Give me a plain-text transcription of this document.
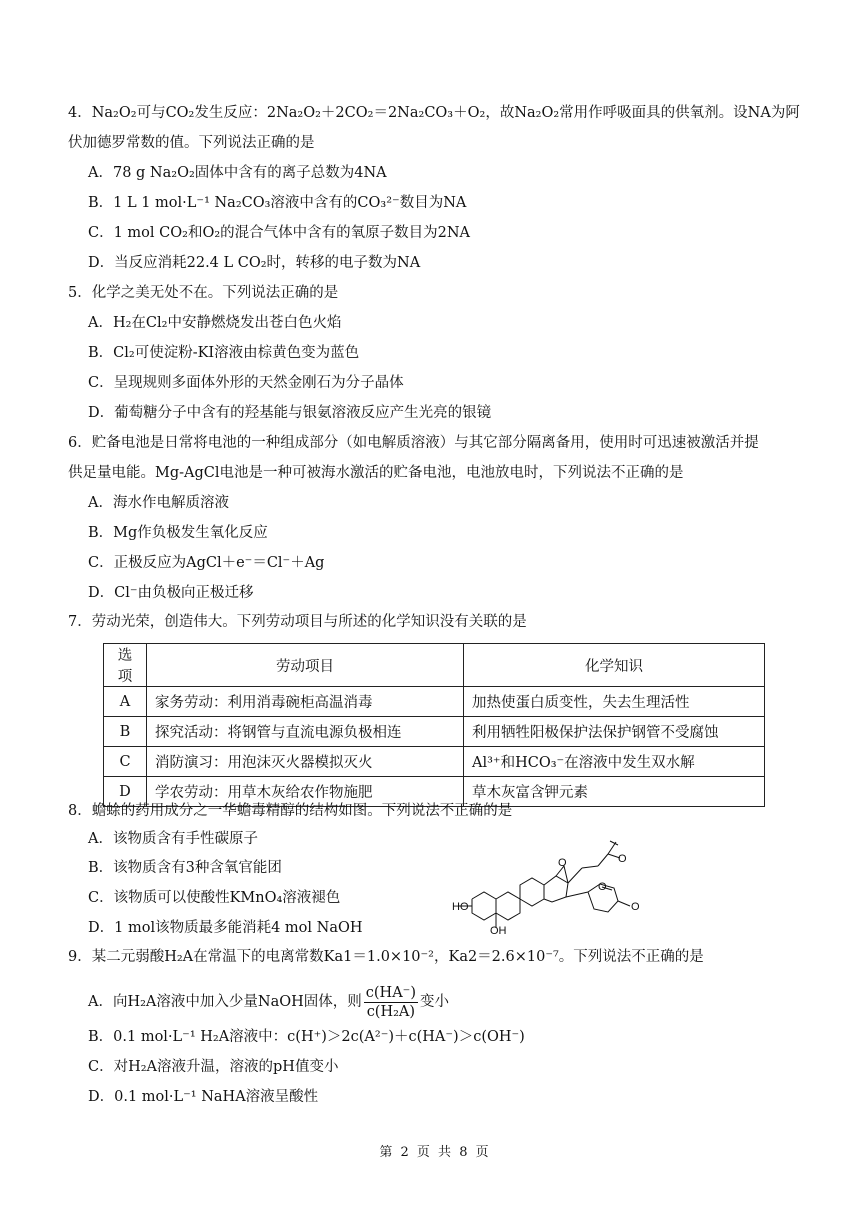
4．Na₂O₂可与CO₂发生反应：2Na₂O₂＋2CO₂＝2Na₂CO₃＋O₂，故Na₂O₂常用作呼吸面具的供氧剂。设NA为阿
伏加德罗常数的值。下列说法正确的是
A．78 g Na₂O₂固体中含有的离子总数为4NA
B．1 L 1 mol·L⁻¹ Na₂CO₃溶液中含有的CO₃²⁻数目为NA
C．1 mol CO₂和O₂的混合气体中含有的氧原子数目为2NA
D．当反应消耗22.4 L CO₂时，转移的电子数为NA
5．化学之美无处不在。下列说法正确的是
A．H₂在Cl₂中安静燃烧发出苍白色火焰
B．Cl₂可使淀粉-KI溶液由棕黄色变为蓝色
C．呈现规则多面体外形的天然金刚石为分子晶体
D．葡萄糖分子中含有的羟基能与银氨溶液反应产生光亮的银镜
6．贮备电池是日常将电池的一种组成部分（如电解质溶液）与其它部分隔离备用，使用时可迅速被激活并提
供足量电能。Mg-AgCl电池是一种可被海水激活的贮备电池，电池放电时，下列说法不正确的是
A．海水作电解质溶液
B．Mg作负极发生氧化反应
C．正极反应为AgCl＋e⁻＝Cl⁻＋Ag
D．Cl⁻由负极向正极迁移
7．劳动光荣，创造伟大。下列劳动项目与所述的化学知识没有关联的是
选项	劳动项目	化学知识
A	家务劳动：利用消毒碗柜高温消毒	加热使蛋白质变性，失去生理活性
B	探究活动：将钢管与直流电源负极相连	利用牺牲阳极保护法保护钢管不受腐蚀
C	消防演习：用泡沫灭火器模拟灭火	Al³⁺和HCO₃⁻在溶液中发生双水解
D	学农劳动：用草木灰给农作物施肥	草木灰富含钾元素
8．蟾蜍的药用成分之一华蟾毒精醇的结构如图。下列说法不正确的是
A．该物质含有手性碳原子
B．该物质含有3种含氧官能团
C．该物质可以使酸性KMnO₄溶液褪色
D．1 mol该物质最多能消耗4 mol NaOH
HO
OH
O
O
O
O
9．某二元弱酸H₂A在常温下的电离常数Ka1＝1.0×10⁻²，Ka2＝2.6×10⁻⁷。下列说法不正确的是
A．向H₂A溶液中加入少量NaOH固体，则 $\frac{c(HA^-)}{\text{c(H₂A)}}$ 变小
B．0.1 mol·L⁻¹ H₂A溶液中：c(H⁺)＞2c(A²⁻)＋c(HA⁻)＞c(OH⁻)
C．对H₂A溶液升温，溶液的pH值变小
D．0.1 mol·L⁻¹ NaHA溶液呈酸性
第 2 页 共 8 页
